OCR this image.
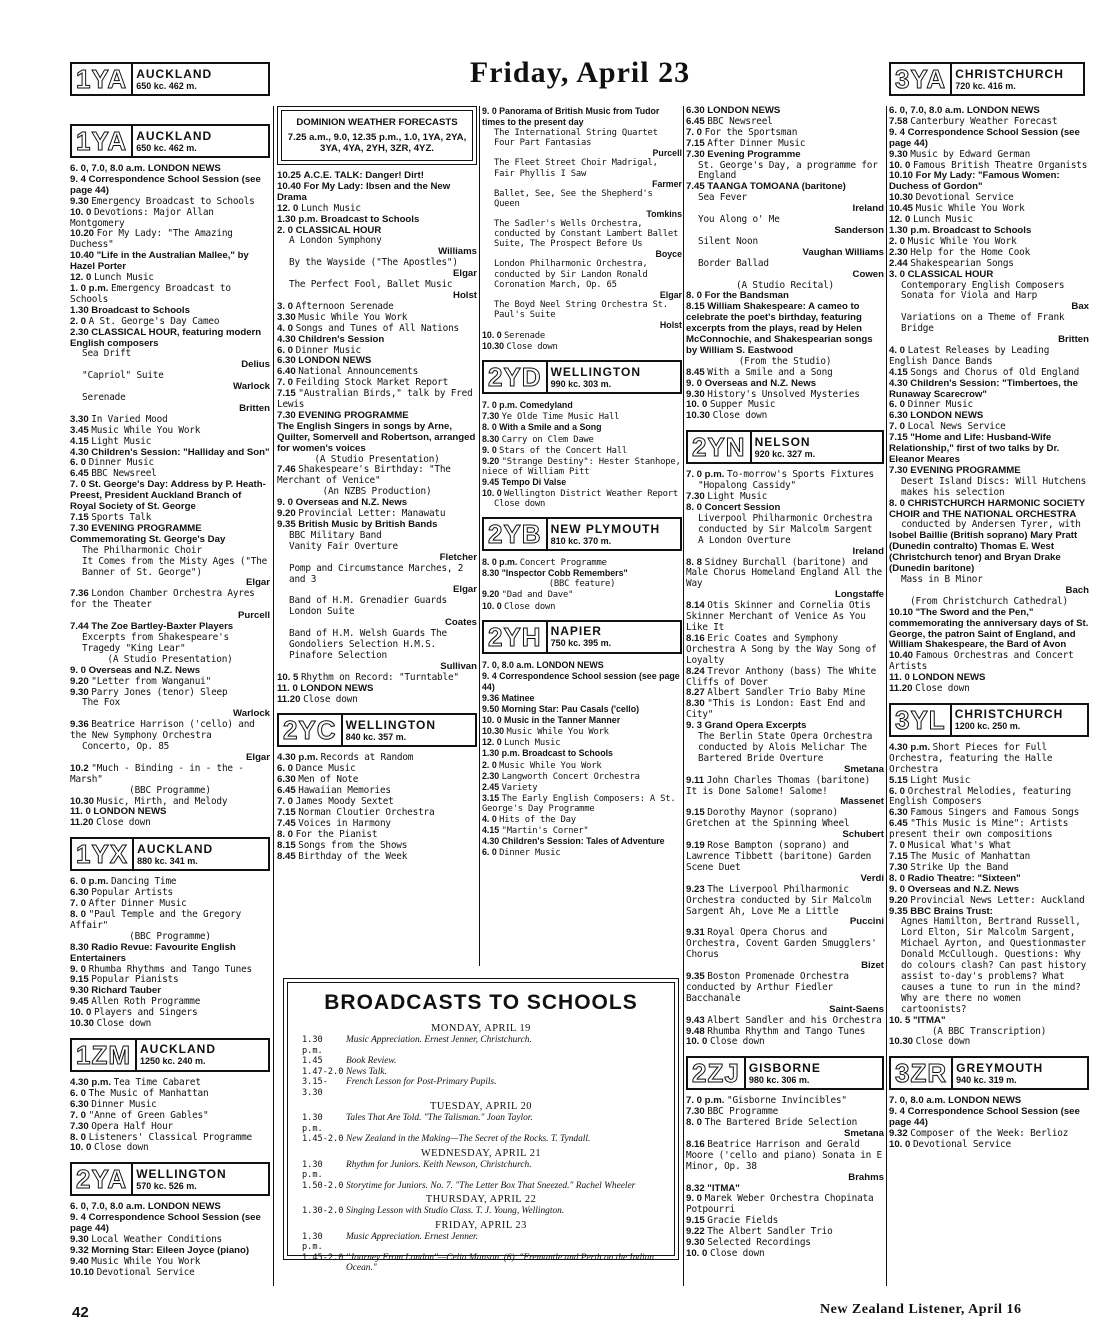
Friday, April 23
1YA AUCKLAND
650 kc. 462 m.	3YA CHRISTCHURCH
720 kc. 416 m.
1YA AUCKLAND
650 kc. 462 m.
6. 0, 7.0, 8.0 a.m. LONDON NEWS
9. 4 Correspondence School Session (see page 44)
9.30 Emergency Broadcast to Schools
10. 0 Devotions: Major Allan Montgomery
10.20 For My Lady: "The Amazing Duchess"
10.40 "Life in the Australian Mallee," by Hazel Porter
12. 0 Lunch Music
1. 0 p.m. Emergency Broadcast to Schools
1.30 Broadcast to Schools
2. 0 A St. George's Day Cameo
2.30 CLASSICAL HOUR, featuring modern English composers
Sea Drift
Delius
"Capriol" Suite
Warlock
Serenade
Britten
3.30 In Varied Mood
3.45 Music While You Work
4.15 Light Music
4.30 Children's Session: "Halliday and Son"
6. 0 Dinner Music
6.45 BBC Newsreel
7. 0 St. George's Day: Address by P. Heath-Preest, President Auckland Branch of Royal Society of St. George
7.15 Sports Talk
7.30 EVENING PROGRAMME
Commemorating St. George's Day
The Philharmonic Choir
It Comes from the Misty Ages ("The Banner of St. George")
Elgar
7.36 London Chamber Orchestra Ayres for the Theater
Purcell
7.44 The Zoe Bartley-Baxter Players
Excerpts from Shakespeare's Tragedy "King Lear"
(A Studio Presentation)
9. 0 Overseas and N.Z. News
9.20 "Letter from Wanganui"
9.30 Parry Jones (tenor) Sleep
The Fox
Warlock
9.36 Beatrice Harrison ('cello) and the New Symphony Orchestra
Concerto, Op. 85
Elgar
10.2 "Much - Binding - in - the - Marsh"
(BBC Programme)
10.30 Music, Mirth, and Melody
11. 0 LONDON NEWS
11.20 Close down
1YX AUCKLAND
880 kc. 341 m.
6. 0 p.m. Dancing Time
6.30 Popular Artists
7. 0 After Dinner Music
8. 0 "Paul Temple and the Gregory Affair"
(BBC Programme)
8.30 Radio Revue: Favourite English Entertainers
9. 0 Rhumba Rhythms and Tango Tunes
9.15 Popular Pianists
9.30 Richard Tauber
9.45 Allen Roth Programme
10. 0 Players and Singers
10.30 Close down
1ZM AUCKLAND
1250 kc. 240 m.
4.30 p.m. Tea Time Cabaret
6. 0 The Music of Manhattan
6.30 Dinner Music
7. 0 "Anne of Green Gables"
7.30 Opera Half Hour
8. 0 Listeners' Classical Programme
10. 0 Close down
2YA WELLINGTON
570 kc. 526 m.
6. 0, 7.0, 8.0 a.m. LONDON NEWS
9. 4 Correspondence School Session (see page 44)
9.30 Local Weather Conditions
9.32 Morning Star: Eileen Joyce (piano)
9.40 Music While You Work
10.10 Devotional Service
DOMINION WEATHER FORECASTS
7.25 a.m., 9.0, 12.35 p.m., 1.0, 1YA, 2YA, 3YA, 4YA, 2YH, 3ZR, 4YZ.
10.25 A.C.E. TALK: Danger! Dirt!
10.40 For My Lady: Ibsen and the New Drama
12. 0 Lunch Music
1.30 p.m. Broadcast to Schools
2. 0 CLASSICAL HOUR
A London Symphony
Williams
By the Wayside ("The Apostles")
Elgar
The Perfect Fool, Ballet Music
Holst
3. 0 Afternoon Serenade
3.30 Music While You Work
4. 0 Songs and Tunes of All Nations
4.30 Children's Session
6. 0 Dinner Music
6.30 LONDON NEWS
6.40 National Announcements
7. 0 Feilding Stock Market Report
7.15 "Australian Birds," talk by Fred Lewis
7.30 EVENING PROGRAMME
The English Singers in songs by Arne, Quilter, Somervell and Robertson, arranged for women's voices
(A Studio Presentation)
7.46 Shakespeare's Birthday: "The Merchant of Venice"
(An NZBS Production)
9. 0 Overseas and N.Z. News
9.20 Provincial Letter: Manawatu
9.35 British Music by British Bands
BBC Military Band
Vanity Fair Overture
Fletcher
Pomp and Circumstance Marches, 2 and 3
Elgar
Band of H.M. Grenadier Guards London Suite
Coates
Band of H.M. Welsh Guards The Gondoliers Selection H.M.S. Pinafore Selection
Sullivan
10. 5 Rhythm on Record: "Turntable"
11. 0 LONDON NEWS
11.20 Close down
2YC WELLINGTON
840 kc. 357 m.
4.30 p.m. Records at Random
6. 0 Dance Music
6.30 Men of Note
6.45 Hawaiian Memories
7. 0 James Moody Sextet
7.15 Norman Cloutier Orchestra
7.45 Voices in Harmony
8. 0 For the Pianist
8.15 Songs from the Shows
8.45 Birthday of the Week
9. 0 Panorama of British Music from Tudor times to the present day
The International String Quartet
Four Part Fantasias
Purcell
The Fleet Street Choir Madrigal, Fair Phyllis I Saw
Farmer
Ballet, See, See the Shepherd's Queen
Tomkins
The Sadler's Wells Orchestra, conducted by Constant Lambert Ballet Suite, The Prospect Before Us
Boyce
London Philharmonic Orchestra, conducted by Sir Landon Ronald Coronation March, Op. 65
Elgar
The Boyd Neel String Orchestra St. Paul's Suite
Holst
10. 0 Serenade
10.30 Close down
2YD WELLINGTON
990 kc. 303 m.
7. 0 p.m. Comedyland
7.30 Ye Olde Time Music Hall
8. 0 With a Smile and a Song
8.30 Carry on Clem Dawe
9. 0 Stars of the Concert Hall
9.20 "Strange Destiny": Hester Stanhope, niece of William Pitt
9.45 Tempo Di Valse
10. 0 Wellington District Weather Report
Close down
2YB NEW PLYMOUTH
810 kc. 370 m.
8. 0 p.m. Concert Programme
8.30 "Inspector Cobb Remembers"
(BBC feature)
9.20 "Dad and Dave"
10. 0 Close down
2YH NAPIER
750 kc. 395 m.
7. 0, 8.0 a.m. LONDON NEWS
9. 4 Correspondence School session (see page 44)
9.36 Matinee
9.50 Morning Star: Pau Casals ('cello)
10. 0 Music in the Tanner Manner
10.30 Music While You Work
12. 0 Lunch Music
1.30 p.m. Broadcast to Schools
2. 0 Music While You Work
2.30 Langworth Concert Orchestra
2.45 Variety
3.15 The Early English Composers: A St. George's Day Programme
4. 0 Hits of the Day
4.15 "Martin's Corner"
4.30 Children's Session: Tales of Adventure
6. 0 Dinner Music
6.30 LONDON NEWS
6.45 BBC Newsreel
7. 0 For the Sportsman
7.15 After Dinner Music
7.30 Evening Programme
St. George's Day, a programme for England
7.45 TAANGA TOMOANA (baritone)
Sea Fever
Ireland
You Along o' Me
Sanderson
Silent Noon
Vaughan Williams
Border Ballad
Cowen
(A Studio Recital)
8. 0 For the Bandsman
8.15 William Shakespeare: A cameo to celebrate the poet's birthday, featuring excerpts from the plays, read by Helen McConnochie, and Shakespearian songs by William S. Eastwood
(From the Studio)
8.45 With a Smile and a Song
9. 0 Overseas and N.Z. News
9.30 History's Unsolved Mysteries
10. 0 Supper Music
10.30 Close down
2YN NELSON
920 kc. 327 m.
7. 0 p.m. To-morrow's Sports Fixtures
"Hopalong Cassidy"
7.30 Light Music
8. 0 Concert Session
Liverpool Philharmonic Orchestra conducted by Sir Malcolm Sargent
A London Overture
Ireland
8. 8 Sidney Burchall (baritone) and Male Chorus Homeland England All the Way
Longstaffe
8.14 Otis Skinner and Cornelia Otis Skinner Merchant of Venice As You Like It
8.16 Eric Coates and Symphony Orchestra A Song by the Way Song of Loyalty
8.24 Trevor Anthony (bass) The White Cliffs of Dover
8.27 Albert Sandler Trio Baby Mine
8.30 "This is London: East End and City"
9. 3 Grand Opera Excerpts
The Berlin State Opera Orchestra conducted by Alois Melichar The Bartered Bride Overture
Smetana
9.11 John Charles Thomas (baritone) It is Done Salome! Salome!
Massenet
9.15 Dorothy Maynor (soprano) Gretchen at the Spinning Wheel
Schubert
9.19 Rose Bampton (soprano) and Lawrence Tibbett (baritone) Garden Scene Duet
Verdi
9.23 The Liverpool Philharmonic Orchestra conducted by Sir Malcolm Sargent Ah, Love Me a Little
Puccini
9.31 Royal Opera Chorus and Orchestra, Covent Garden Smugglers' Chorus
Bizet
9.35 Boston Promenade Orchestra conducted by Arthur Fiedler Bacchanale
Saint-Saens
9.43 Albert Sandler and his Orchestra
9.48 Rhumba Rhythm and Tango Tunes
10. 0 Close down
2ZJ GISBORNE
980 kc. 306 m.
7. 0 p.m. "Gisborne Invincibles"
7.30 BBC Programme
8. 0 The Bartered Bride Selection
Smetana
8.16 Beatrice Harrison and Gerald Moore ('cello and piano) Sonata in E Minor, Op. 38
Brahms
8.32 "ITMA"
9. 0 Marek Weber Orchestra Chopinata Potpourri
9.15 Gracie Fields
9.22 The Albert Sandler Trio
9.30 Selected Recordings
10. 0 Close down
6. 0, 7.0, 8.0 a.m. LONDON NEWS
7.58 Canterbury Weather Forecast
9. 4 Correspondence School Session (see page 44)
9.30 Music by Edward German
10. 0 Famous British Theatre Organists
10.10 For My Lady: "Famous Women: Duchess of Gordon"
10.30 Devotional Service
10.45 Music While You Work
12. 0 Lunch Music
1.30 p.m. Broadcast to Schools
2. 0 Music While You Work
2.30 Help for the Home Cook
2.44 Shakespearian Songs
3. 0 CLASSICAL HOUR
Contemporary English Composers
Sonata for Viola and Harp
Bax
Variations on a Theme of Frank Bridge
Britten
4. 0 Latest Releases by Leading English Dance Bands
4.15 Songs and Chorus of Old England
4.30 Children's Session: "Timbertoes, the Runaway Scarecrow"
6. 0 Dinner Music
6.30 LONDON NEWS
7. 0 Local News Service
7.15 "Home and Life: Husband-Wife Relationship," first of two talks by Dr. Eleanor Meares
7.30 EVENING PROGRAMME
Desert Island Discs: Will Hutchens makes his selection
8. 0 CHRISTCHURCH HARMONIC SOCIETY CHOIR and THE NATIONAL ORCHESTRA
conducted by Andersen Tyrer, with
Isobel Baillie (British soprano) Mary Pratt (Dunedin contralto) Thomas E. West (Christchurch tenor) and Bryan Drake (Dunedin baritone)
Mass in B Minor
Bach
(From Christchurch Cathedral)
10.10 "The Sword and the Pen," commemorating the anniversary days of St. George, the patron Saint of England, and William Shakespeare, the Bard of Avon
10.40 Famous Orchestras and Concert Artists
11. 0 LONDON NEWS
11.20 Close down
3YL CHRISTCHURCH
1200 kc. 250 m.
4.30 p.m. Short Pieces for Full Orchestra, featuring the Halle Orchestra
5.15 Light Music
6. 0 Orchestral Melodies, featuring English Composers
6.30 Famous Singers and Famous Songs
6.45 "This Music is Mine": Artists present their own compositions
7. 0 Musical What's What
7.15 The Music of Manhattan
7.30 Strike Up the Band
8. 0 Radio Theatre: "Sixteen"
9. 0 Overseas and N.Z. News
9.20 Provincial News Letter: Auckland
9.35 BBC Brains Trust:
Agnes Hamilton, Bertrand Russell, Lord Elton, Sir Malcolm Sargent, Michael Ayrton, and Questionmaster Donald McCullough. Questions: Why do colours clash? Can past history assist to-day's problems? What causes a tune to run in the mind? Why are there no women cartoonists?
10. 5 "ITMA"
(A BBC Transcription)
10.30 Close down
3ZR GREYMOUTH
940 kc. 319 m.
7. 0, 8.0 a.m. LONDON NEWS
9. 4 Correspondence School Session (see page 44)
9.32 Composer of the Week: Berlioz
10. 0 Devotional Service
BROADCASTS TO SCHOOLS
MONDAY, APRIL 19
1.30 p.m.
Music Appreciation. Ernest Jenner, Christchurch.
1.45	Book Review.
1.47-2.0 News Talk.
3.15-3.30
French Lesson for Post-Primary Pupils.
TUESDAY, APRIL 20
1.30 p.m.
Tales That Are Told. "The Talisman." Joan Taylor.
1.45-2.0 New Zealand in the Making—The Secret of the Rocks. T. Tyndall.
WEDNESDAY, APRIL 21
1.30 p.m.
Rhythm for Juniors. Keith Newson, Christchurch.
1.50-2.0 Storytime for Juniors. No. 7. "The Letter Box That Sneezed." Rachel Wheeler
THURSDAY, APRIL 22
1.30-2.0 Singing Lesson with Studio Class. T. J. Young, Wellington.
FRIDAY, APRIL 23
1.30 p.m.
Music Appreciation. Ernest Jenner.
1.45-2.0 "Journey From London"—Celia Manson. (6). "Fremantle and Perth on the Indian Ocean."
42	New Zealand Listener, April 16
